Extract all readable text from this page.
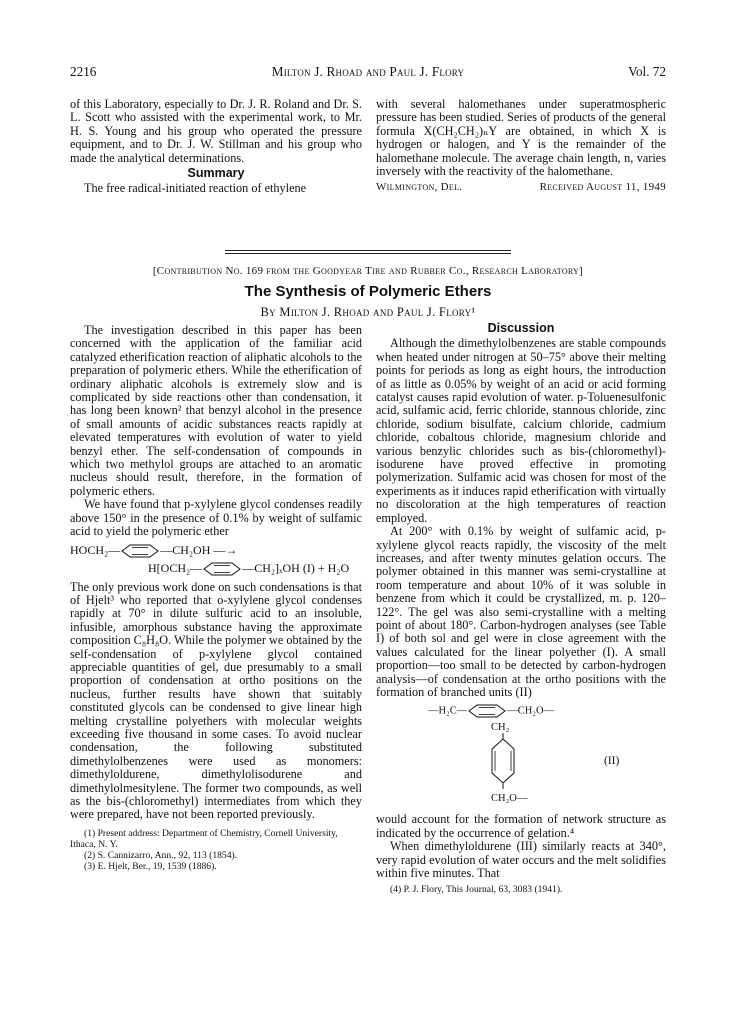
2216	Milton J. Rhoad and Paul J. Flory	Vol. 72

of this Laboratory, especially to Dr. J. R. Roland and Dr. S. L. Scott who assisted with the experimental work, to Mr. H. S. Young and his group who operated the pressure equipment, and to Dr. J. W. Stillman and his group who made the analytical determinations.

Summary

The free radical-initiated reaction of ethylene

with several halomethanes under superatmospheric pressure has been studied. Series of products of the general formula X(CH₂CH₂)ₙY are obtained, in which X is hydrogen or halogen, and Y is the remainder of the halomethane molecule. The average chain length, n, varies inversely with the reactivity of the halomethane.

Wilmington, Del.	Received August 11, 1949
[Contribution No. 169 from the Goodyear Tire and Rubber Co., Research Laboratory]
The Synthesis of Polymeric Ethers
By Milton J. Rhoad and Paul J. Flory¹

The investigation described in this paper has been concerned with the application of the familiar acid catalyzed etherification reaction of aliphatic alcohols to the preparation of polymeric ethers. While the etherification of ordinary aliphatic alcohols is extremely slow and is complicated by side reactions other than condensation, it has long been known² that benzyl alcohol in the presence of small amounts of acidic substances reacts rapidly at elevated temperatures with evolution of water to yield benzyl ether. The self-condensation of compounds in which two methylol groups are attached to an aromatic nucleus should result, therefore, in the formation of polymeric ethers.

We have found that p-xylylene glycol condenses readily above 150° in the presence of 0.1% by weight of sulfamic acid to yield the polymeric ether

HOCH₂—	—CH₂OH —→
H[OCH₂—	—CH₂]ₓOH (I) + H₂O

The only previous work done on such condensations is that of Hjelt³ who reported that o-xylylene glycol condenses rapidly at 70° in dilute sulfuric acid to an insoluble, infusible, amorphous substance having the approximate composition C₈H₈O. While the polymer we obtained by the self-condensation of p-xylylene glycol contained appreciable quantities of gel, due presumably to a small proportion of condensation at ortho positions on the nucleus, further results have shown that suitably constituted glycols can be condensed to give linear high melting crystalline polyethers with molecular weights exceeding five thousand in some cases. To avoid nuclear condensation, the following substituted dimethylolbenzenes were used as monomers: dimethyloldurene, dimethylolisodurene and dimethylolmesitylene. The former two compounds, as well as the bis-(chloromethyl) intermediates from which they were prepared, have not been reported previously.

(1) Present address: Department of Chemistry, Cornell University, Ithaca, N. Y.

(2) S. Cannizarro, Ann., 92, 113 (1854).

(3) E. Hjelt, Ber., 19, 1539 (1886).

Discussion

Although the dimethylolbenzenes are stable compounds when heated under nitrogen at 50–75° above their melting points for periods as long as eight hours, the introduction of as little as 0.05% by weight of an acid or acid forming catalyst causes rapid evolution of water. p-Toluenesulfonic acid, sulfamic acid, ferric chloride, stannous chloride, zinc chloride, sodium bisulfate, calcium chloride, cadmium chloride, cobaltous chloride, magnesium chloride and various benzylic chlorides such as bis-(chloromethyl)-isodurene have proved effective in promoting polymerization. Sulfamic acid was chosen for most of the experiments as it induces rapid etherification with virtually no discoloration at the high temperatures of reaction employed.

At 200° with 0.1% by weight of sulfamic acid, p-xylylene glycol reacts rapidly, the viscosity of the melt increases, and after twenty minutes gelation occurs. The polymer obtained in this manner was semi-crystalline at room temperature and about 10% of it was soluble in benzene from which it could be crystallized, m. p. 120–122°. The gel was also semi-crystalline with a melting point of about 180°. Carbon-hydrogen analyses (see Table I) of both sol and gel were in close agreement with the values calculated for the linear polyether (I). A small proportion—too small to be detected by carbon-hydrogen analysis—of condensation at the ortho positions with the formation of branched units (II)

—H₂C—	—CH₂O—
CH₂
(II)
CH₂O—

would account for the formation of network structure as indicated by the occurrence of gelation.⁴

When dimethyloldurene (III) similarly reacts at 340°, very rapid evolution of water occurs and the melt solidifies within five minutes. That

(4) P. J. Flory, This Journal, 63, 3083 (1941).
